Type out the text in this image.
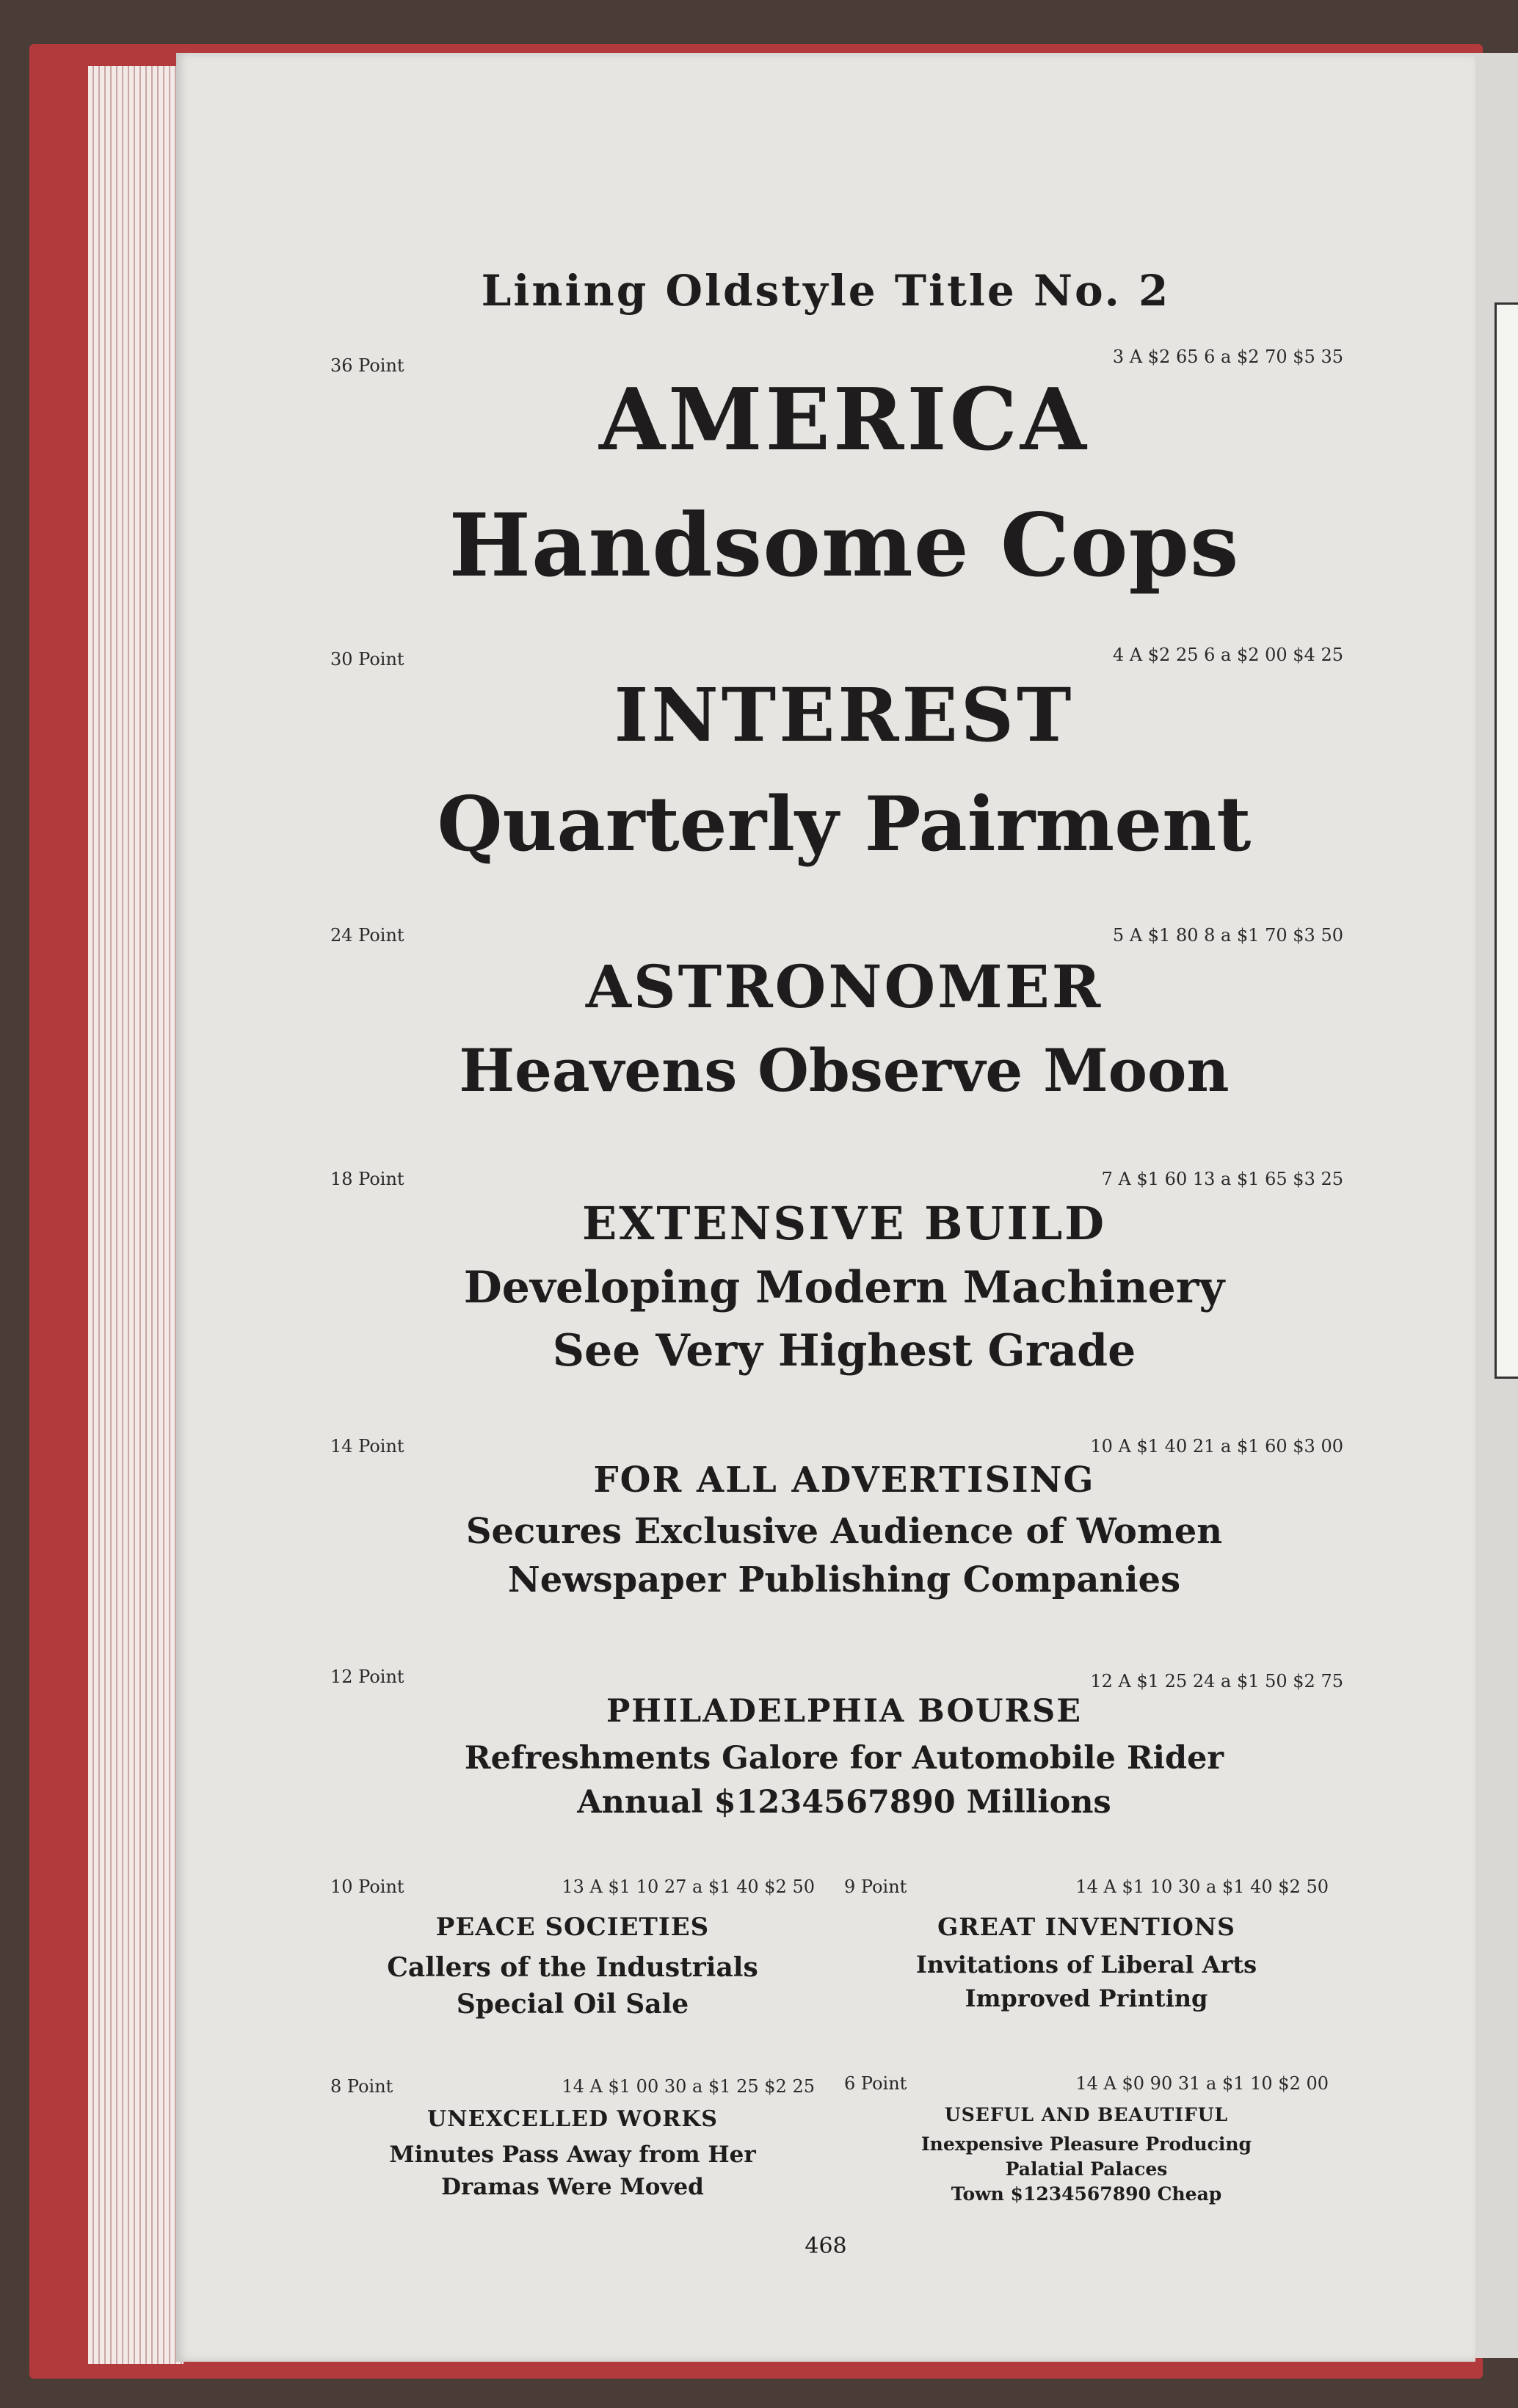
Lining Oldstyle Title No. 2
36 Point	3 A $2 65 6 a $2 70 $5 35
AMERICA
Handsome Cops
30 Point	4 A $2 25 6 a $2 00 $4 25
INTEREST
Quarterly Pairment
24 Point	5 A $1 80 8 a $1 70 $3 50
ASTRONOMER
Heavens Observe Moon
18 Point	7 A $1 60 13 a $1 65 $3 25
EXTENSIVE BUILD
Developing Modern Machinery
See Very Highest Grade
14 Point	10 A $1 40 21 a $1 60 $3 00
FOR ALL ADVERTISING
Secures Exclusive Audience of Women
Newspaper Publishing Companies
12 Point	12 A $1 25 24 a $1 50 $2 75
PHILADELPHIA BOURSE
Refreshments Galore for Automobile Rider
Annual $1234567890 Millions
10 Point	13 A $1 10 27 a $1 40 $2 50
PEACE SOCIETIES
Callers of the Industrials
Special Oil Sale
9 Point	14 A $1 10 30 a $1 40 $2 50
GREAT INVENTIONS
Invitations of Liberal Arts
Improved Printing
8 Point	14 A $1 00 30 a $1 25 $2 25
UNEXCELLED WORKS
Minutes Pass Away from Her
Dramas Were Moved
6 Point	14 A $0 90 31 a $1 10 $2 00
USEFUL AND BEAUTIFUL
Inexpensive Pleasure Producing
Palatial Palaces
Town $1234567890 Cheap
468
